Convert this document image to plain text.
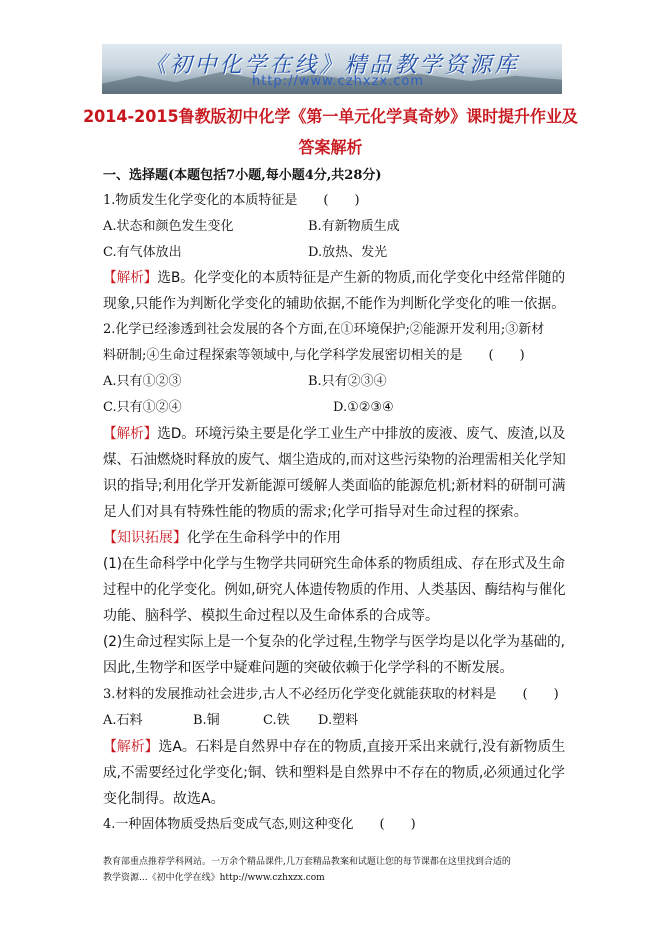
《初中化学在线》精品教学资源库
http://www.czhxzx.com
2014-2015鲁教版初中化学《第一单元化学真奇妙》课时提升作业及
答案解析
一、选择题(本题包括7小题,每小题4分,共28分)
1.物质发生化学变化的本质特征是　　(　　)
A.状态和颜色发生变化	B.有新物质生成
C.有气体放出	D.放热、发光
【解析】选B。化学变化的本质特征是产生新的物质,而化学变化中经常伴随的
现象,只能作为判断化学变化的辅助依据,不能作为判断化学变化的唯一依据。
2.化学已经渗透到社会发展的各个方面,在①环境保护;②能源开发利用;③新材
料研制;④生命过程探索等领域中,与化学科学发展密切相关的是　　(　　)
A.只有①②③	B.只有②③④
C.只有①②④	D.①②③④
【解析】选D。环境污染主要是化学工业生产中排放的废液、废气、废渣,以及
煤、石油燃烧时释放的废气、烟尘造成的,而对这些污染物的治理需相关化学知
识的指导;利用化学开发新能源可缓解人类面临的能源危机;新材料的研制可满
足人们对具有特殊性能的物质的需求;化学可指导对生命过程的探索。
【知识拓展】化学在生命科学中的作用
(1)在生命科学中化学与生物学共同研究生命体系的物质组成、存在形式及生命
过程中的化学变化。例如,研究人体遗传物质的作用、人类基因、酶结构与催化
功能、脑科学、模拟生命过程以及生命体系的合成等。
(2)生命过程实际上是一个复杂的化学过程,生物学与医学均是以化学为基础的,
因此,生物学和医学中疑难问题的突破依赖于化学学科的不断发展。
3.材料的发展推动社会进步,古人不必经历化学变化就能获取的材料是　　(　　)
A.石料	B.铜	C.铁 D.塑料
【解析】选A。石料是自然界中存在的物质,直接开采出来就行,没有新物质生
成,不需要经过化学变化;铜、铁和塑料是自然界中不存在的物质,必须通过化学
变化制得。故选A。
4.一种固体物质受热后变成气态,则这种变化　　(　　)
教育部重点推荐学科网站。一万余个精品课件,几万套精品教案和试题让您的每节课都在这里找到合适的
教学资源...《初中化学在线》http://www.czhxzx.com
